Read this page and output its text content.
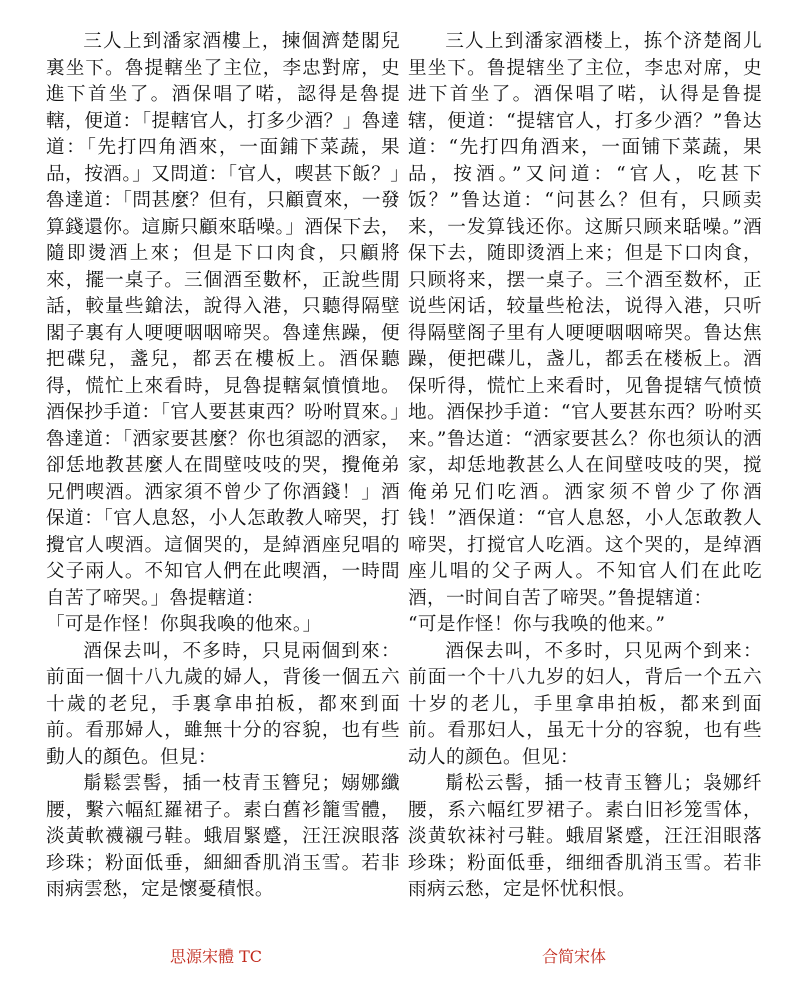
三人上到潘家酒樓上，揀個濟楚閣兒裏坐下。魯提轄坐了主位，李忠對席，史進下首坐了。酒保唱了喏，認得是魯提轄，便道：「提轄官人，打多少酒？」魯達道：「先打四角酒來，一面鋪下菜蔬，果品，按酒。」又問道：「官人，喫甚下飯？」魯達道：「問甚麼？但有，只顧賣來，一發算錢還你。這廝只顧來聒噪。」酒保下去，隨即燙酒上來；但是下口肉食，只顧將來，擺一桌子。三個酒至數杯，正說些閒話，較量些鎗法，說得入港，只聽得隔壁閣子裏有人哽哽咽咽啼哭。魯達焦躁，便把碟兒，盞兒，都丟在樓板上。酒保聽得，慌忙上來看時，見魯提轄氣憤憤地。酒保抄手道：「官人要甚東西？吩咐買來。」魯達道：「洒家要甚麼？你也須認的洒家，卻恁地教甚麼人在間壁吱吱的哭，攪俺弟兄們喫酒。洒家須不曾少了你酒錢！」酒保道：「官人息怒，小人怎敢教人啼哭，打攪官人喫酒。這個哭的，是綽酒座兒唱的父子兩人。不知官人們在此喫酒，一時間自苦了啼哭。」魯提轄道：

「可是作怪！你與我喚的他來。」

酒保去叫，不多時，只見兩個到來：前面一個十八九歲的婦人，背後一個五六十歲的老兒，手裏拿串拍板，都來到面前。看那婦人，雖無十分的容貌，也有些動人的顏色。但見：

鬅鬆雲髻，插一枝青玉簪兒；嫋娜纖腰，繫六幅紅羅裙子。素白舊衫籠雪體，淡黃軟襪襯弓鞋。蛾眉緊蹙，汪汪淚眼落珍珠；粉面低垂，細細香肌消玉雪。若非雨病雲愁，定是懷憂積恨。

三人上到潘家酒楼上，拣个济楚阁儿里坐下。鲁提辖坐了主位，李忠对席，史进下首坐了。酒保唱了喏，认得是鲁提辖，便道：“提辖官人，打多少酒？”鲁达道：“先打四角酒来，一面铺下菜蔬，果品，按酒。”又问道：“官人，吃甚下饭？”鲁达道：“问甚么？但有，只顾卖来，一发算钱还你。这厮只顾来聒噪。”酒保下去，随即烫酒上来；但是下口肉食，只顾将来，摆一桌子。三个酒至数杯，正说些闲话，较量些枪法，说得入港，只听得隔壁阁子里有人哽哽咽咽啼哭。鲁达焦躁，便把碟儿，盏儿，都丢在楼板上。酒保听得，慌忙上来看时，见鲁提辖气愤愤地。酒保抄手道：“官人要甚东西？吩咐买来。”鲁达道：“洒家要甚么？你也须认的洒家，却恁地教甚么人在间壁吱吱的哭，搅俺弟兄们吃酒。洒家须不曾少了你酒钱！”酒保道：“官人息怒，小人怎敢教人啼哭，打搅官人吃酒。这个哭的，是绰酒座儿唱的父子两人。不知官人们在此吃酒，一时间自苦了啼哭。”鲁提辖道：

“可是作怪！你与我唤的他来。”

酒保去叫，不多时，只见两个到来：前面一个十八九岁的妇人，背后一个五六十岁的老儿，手里拿串拍板，都来到面前。看那妇人，虽无十分的容貌，也有些动人的颜色。但见：

鬅松云髻，插一枝青玉簪儿；袅娜纤腰，系六幅红罗裙子。素白旧衫笼雪体，淡黄软袜衬弓鞋。蛾眉紧蹙，汪汪泪眼落珍珠；粉面低垂，细细香肌消玉雪。若非雨病云愁，定是怀忧积恨。

思源宋體 TC	合简宋体
